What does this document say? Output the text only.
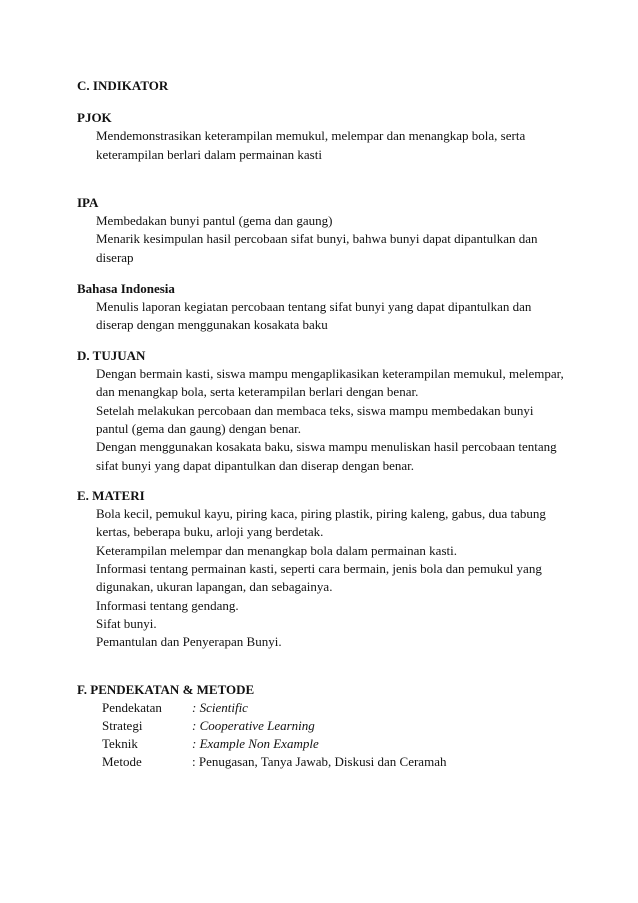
C. INDIKATOR
PJOK
Mendemonstrasikan keterampilan memukul, melempar dan menangkap bola, serta
keterampilan berlari dalam permainan kasti
IPA
Membedakan bunyi pantul (gema dan gaung)
Menarik kesimpulan hasil percobaan sifat bunyi, bahwa bunyi dapat dipantulkan dan
diserap
Bahasa Indonesia
Menulis laporan kegiatan percobaan tentang sifat bunyi yang dapat dipantulkan dan
diserap dengan menggunakan kosakata baku
D. TUJUAN
Dengan bermain kasti, siswa mampu mengaplikasikan keterampilan memukul, melempar,
dan menangkap bola, serta keterampilan berlari dengan benar.
Setelah melakukan percobaan dan membaca teks, siswa mampu membedakan bunyi
pantul (gema dan gaung) dengan benar.
Dengan menggunakan kosakata baku, siswa mampu menuliskan hasil percobaan tentang
sifat bunyi yang dapat dipantulkan dan diserap dengan benar.
E. MATERI
Bola kecil, pemukul kayu, piring kaca, piring plastik, piring kaleng, gabus, dua tabung
kertas, beberapa buku, arloji yang berdetak.
Keterampilan melempar dan menangkap bola dalam permainan kasti.
Informasi tentang permainan kasti, seperti cara bermain, jenis bola dan pemukul yang
digunakan, ukuran lapangan, dan sebagainya.
Informasi tentang gendang.
Sifat bunyi.
Pemantulan dan Penyerapan Bunyi.
F. PENDEKATAN & METODE
Pendekatan : Scientific
Strategi	: Cooperative Learning
Teknik	: Example Non Example
Metode	: Penugasan, Tanya Jawab, Diskusi dan Ceramah
